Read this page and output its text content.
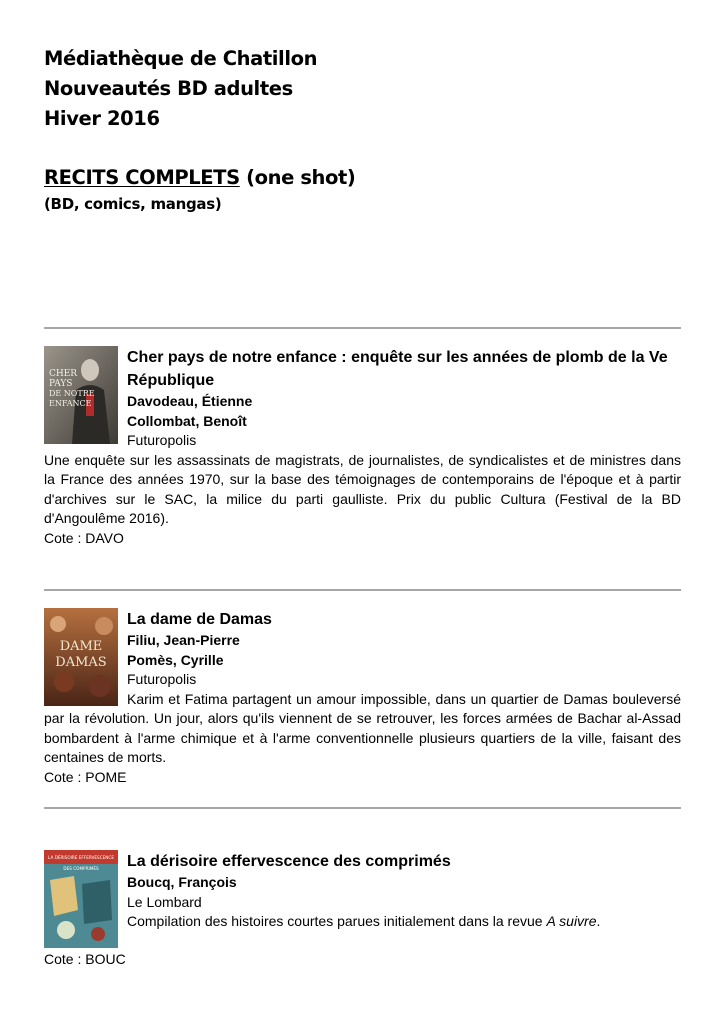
Médiathèque de Chatillon

Nouveautés BD adultes

Hiver 2016

RECITS COMPLETS (one shot)

(BD, comics, mangas)

CHER
PAYS
DE NOTRE
ENFANCE

Cher pays de notre enfance : enquête sur les années de plomb de la Ve République

Davodeau, Étienne

Collombat, Benoît

Futuropolis

Une enquête sur les assassinats de magistrats, de journalistes, de syndicalistes et de ministres dans la France des années 1970, sur la base des témoignages de contemporains de l'époque et à partir d'archives sur le SAC, la milice du parti gaulliste. Prix du public Cultura (Festival de la BD d'Angoulême 2016).

Cote : DAVO

DAME
DAMAS

La dame de Damas

Filiu, Jean-Pierre

Pomès, Cyrille

Futuropolis

Karim et Fatima partagent un amour impossible, dans un quartier de Damas bouleversé par la révolution. Un jour, alors qu'ils viennent de se retrouver, les forces armées de Bachar al-Assad bombardent à l'arme chimique et à l'arme conventionnelle plusieurs quartiers de la ville, faisant des centaines de morts.

Cote : POME

LA DÉRISOIRE EFFERVESCENCE
DES COMPRIMÉS	La dérisoire effervescence des comprimés

Boucq, François

Le Lombard

Compilation des histoires courtes parues initialement dans la revue A suivre.

Cote : BOUC
